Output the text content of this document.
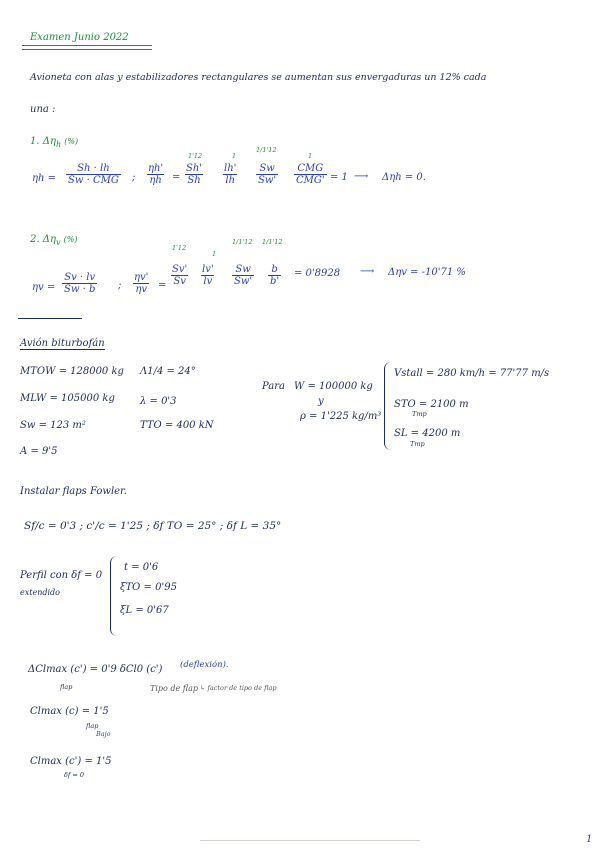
Examen Junio 2022
Avioneta con alas y estabilizadores rectangulares se aumentan sus envergaduras un 12% cada
una :
1. $\Delta\eta_h$ (%)
ηh =
Sh · lh
Sw · CMG ; $\frac{\eta h'}{\eta h}$ =
1'12
$\frac{Sh'}{Sh}$
1
$\frac{lh'}{lh}$
1/1'12
$\frac{Sw}{Sw'}$
1
CMG
CMG' = 1 ⟶ Δηh = 0.
2. $\Delta\eta_v$ (%)
$\eta v = \frac{Sv \cdot lv}{Sw \cdot b}$ ; $\frac{\eta v'}{\eta v}$ =
1'12
$\frac{Sv'}{Sv}$
1
$\frac{lv'}{lv}$
1/1'12
$\frac{Sw}{Sw'}$
1/1'12
$\frac{b}{b'} = 0'8928$ ⟶ Δηv = -10'71 %
Avión biturbofán
MTOW = 128000 kg
MLW = 105000 kg
Sw = 123 m²
A = 9'5
Λ1/4 = 24°
λ = 0'3
TTO = 400 kN
Para W = 100000 kg
y
ρ = 1'225 kg/m³
Vstall = 280 km/h = 77'77 m/s
STO = 2100 m
Tmp
SL = 4200 m
Tmp
Instalar flaps Fowler.
Sf/c = 0'3 ; c'/c = 1'25 ; δf TO = 25° ; δf L = 35°
Perfil con δf = 0
extendido
t = 0'6
ξTO = 0'95
ξL = 0'67
ΔClmax (c') = 0'9 δCl0 (c')
flap
(deflexión).
Tipo de flap ↳ factor de tipo de flap
Clmax (c) = 1'5
flap
Bajo
Clmax (c') = 1'5
δf = 0
1
